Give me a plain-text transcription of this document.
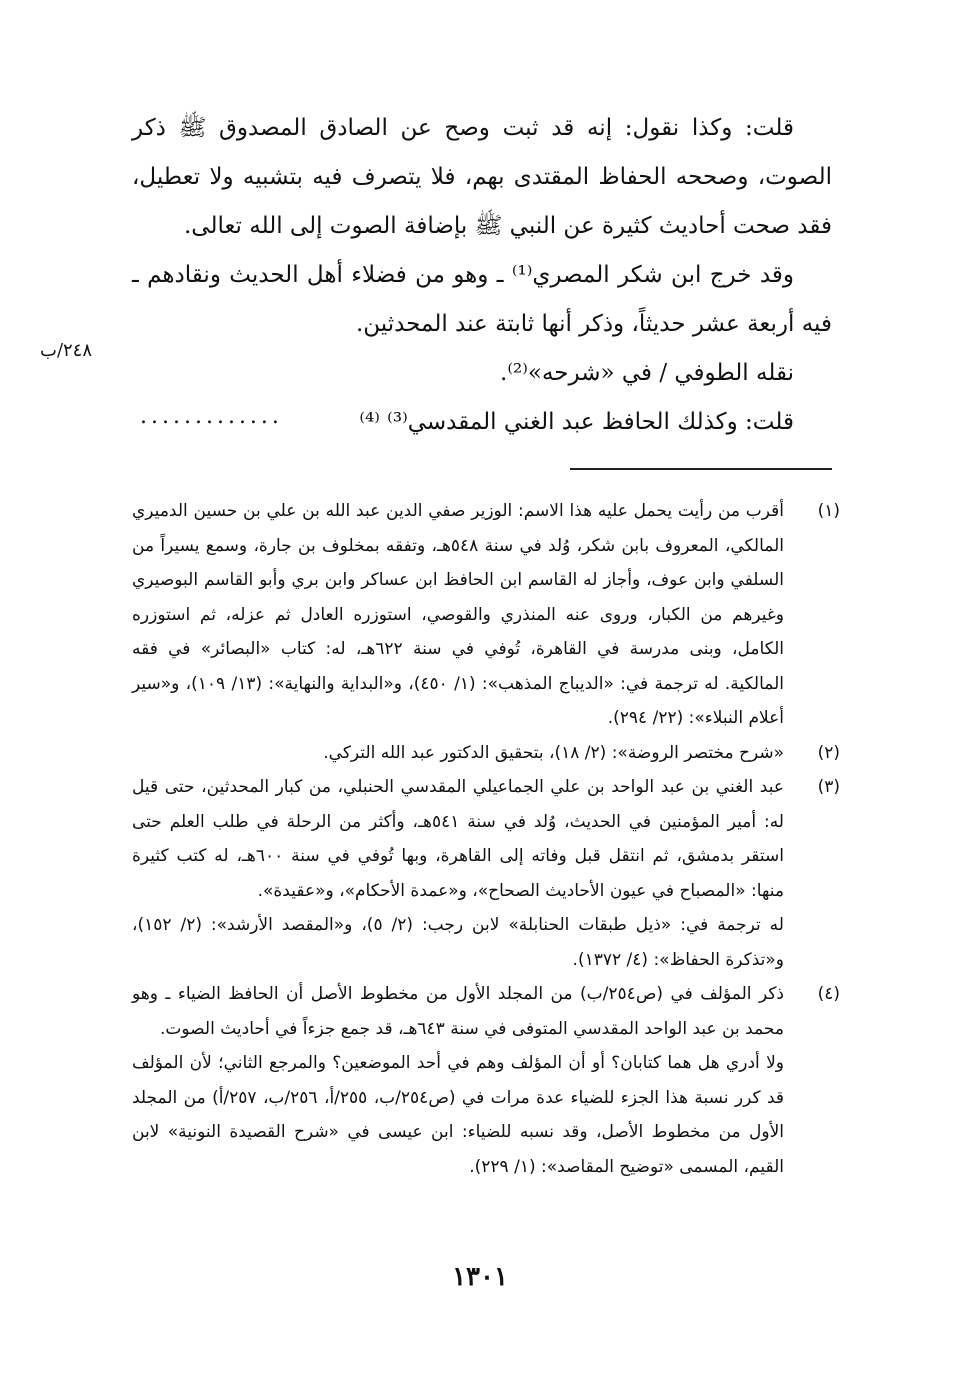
قلت: وكذا نقول: إنه قد ثبت وصح عن الصادق المصدوق ﷺ ذكر الصوت، وصححه الحفاظ المقتدى بهم، فلا يتصرف فيه بتشبيه ولا تعطيل، فقد صحت أحاديث كثيرة عن النبي ﷺ بإضافة الصوت إلى الله تعالى.

وقد خرج ابن شكر المصري⁽¹⁾ ـ وهو من فضلاء أهل الحديث ونقادهم ـ فيه أربعة عشر حديثاً، وذكر أنها ثابتة عند المحدثين.

نقله الطوفي / في «شرحه»⁽²⁾.

قلت: وكذلك الحافظ عبد الغني المقدسي⁽³⁾ ⁽⁴⁾

.............
٢٤٨/ب
(١)

أقرب من رأيت يحمل عليه هذا الاسم: الوزير صفي الدين عبد الله بن علي بن حسين الدميري المالكي، المعروف بابن شكر، وُلد في سنة ٥٤٨هـ، وتفقه بمخلوف بن جارة، وسمع يسيراً من السلفي وابن عوف، وأجاز له القاسم ابن الحافظ ابن عساكر وابن بري وأبو القاسم البوصيري وغيرهم من الكبار، وروى عنه المنذري والقوصي، استوزره العادل ثم عزله، ثم استوزره الكامل، وبنى مدرسة في القاهرة، تُوفي في سنة ٦٢٢هـ، له: كتاب «البصائر» في فقه المالكية. له ترجمة في: «الديباج المذهب»: (١/ ٤٥٠)، و«البداية والنهاية»: (١٣/ ١٠٩)، و«سير أعلام النبلاء»: (٢٢/ ٢٩٤).

(٢)

«شرح مختصر الروضة»: (٢/ ١٨)، بتحقيق الدكتور عبد الله التركي.

(٣)

عبد الغني بن عبد الواحد بن علي الجماعيلي المقدسي الحنبلي، من كبار المحدثين، حتى قيل له: أمير المؤمنين في الحديث، وُلد في سنة ٥٤١هـ، وأكثر من الرحلة في طلب العلم حتى استقر بدمشق، ثم انتقل قبل وفاته إلى القاهرة، وبها تُوفي في سنة ٦٠٠هـ، له كتب كثيرة منها: «المصباح في عيون الأحاديث الصحاح»، و«عمدة الأحكام»، و«عقيدة».

له ترجمة في: «ذيل طبقات الحنابلة» لابن رجب: (٢/ ٥)، و«المقصد الأرشد»: (٢/ ١٥٢)، و«تذكرة الحفاظ»: (٤/ ١٣٧٢).

(٤)

ذكر المؤلف في (ص٢٥٤/ب) من المجلد الأول من مخطوط الأصل أن الحافظ الضياء ـ وهو محمد بن عبد الواحد المقدسي المتوفى في سنة ٦٤٣هـ، قد جمع جزءاً في أحاديث الصوت.

ولا أدري هل هما كتابان؟ أو أن المؤلف وهم في أحد الموضعين؟ والمرجع الثاني؛ لأن المؤلف قد كرر نسبة هذا الجزء للضياء عدة مرات في (ص٢٥٤/ب، ٢٥٥/أ، ٢٥٦/ب، ٢٥٧/أ) من المجلد الأول من مخطوط الأصل، وقد نسبه للضياء: ابن عيسى في «شرح القصيدة النونية» لابن القيم، المسمى «توضيح المقاصد»: (١/ ٢٢٩).

١٣٠١
